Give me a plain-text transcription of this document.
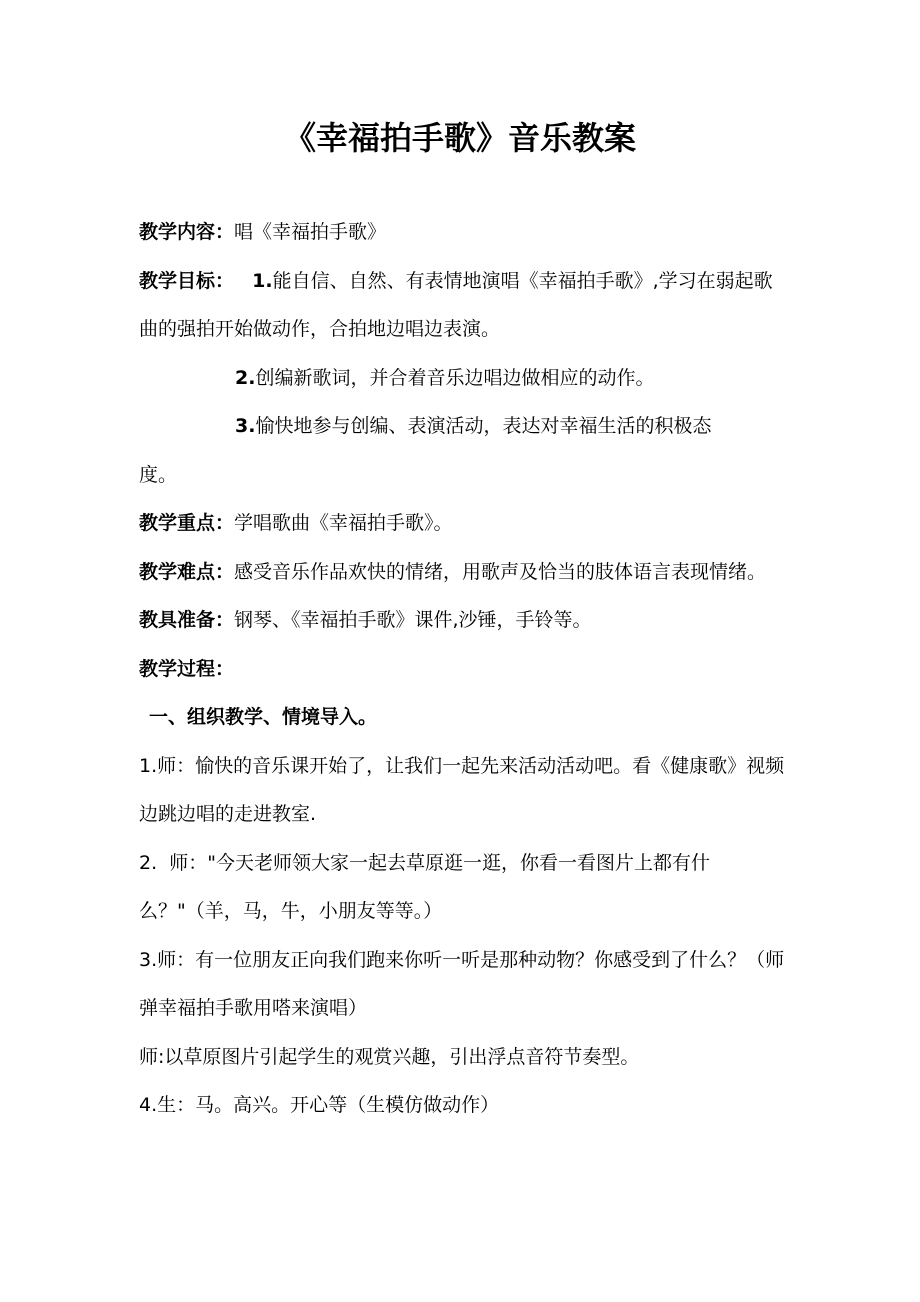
《幸福拍手歌》音乐教案

教学内容：唱《幸福拍手歌》

教学目标： 1.能自信、自然、有表情地演唱《幸福拍手歌》,学习在弱起歌曲的强拍开始做动作，合拍地边唱边表演。

2.创编新歌词，并合着音乐边唱边做相应的动作。

3.愉快地参与创编、表演活动，表达对幸福生活的积极态

度。

教学重点：学唱歌曲《幸福拍手歌》。

教学难点：感受音乐作品欢快的情绪，用歌声及恰当的肢体语言表现情绪。

教具准备：钢琴、《幸福拍手歌》课件,沙锤，手铃等。

教学过程：

一、组织教学、情境导入。

1.师：愉快的音乐课开始了，让我们一起先来活动活动吧。看《健康歌》视频边跳边唱的走进教室.

2. 师："今天老师领大家一起去草原逛一逛，你看一看图片上都有什么？"（羊，马，牛，小朋友等等。）

3.师：有一位朋友正向我们跑来你听一听是那种动物？你感受到了什么？（师弹幸福拍手歌用嗒来演唱）

师:以草原图片引起学生的观赏兴趣，引出浮点音符节奏型。

4.生：马。高兴。开心等（生模仿做动作）
